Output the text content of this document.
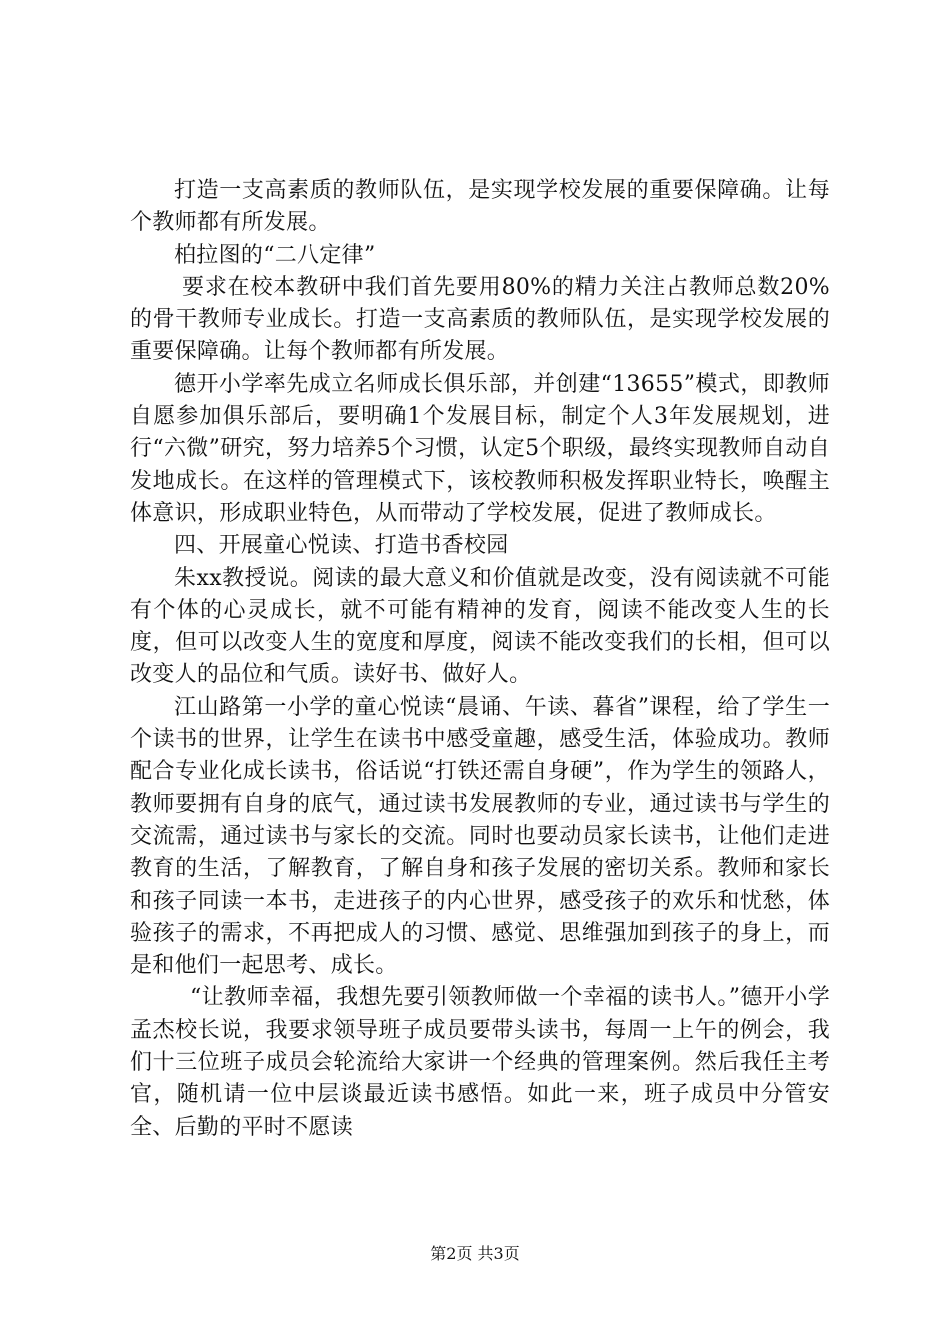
打造一支高素质的教师队伍，是实现学校发展的重要保障确。让每个教师都有所发展。

柏拉图的“二八定律”

要求在校本教研中我们首先要用80%的精力关注占教师总数20%的骨干教师专业成长。打造一支高素质的教师队伍，是实现学校发展的重要保障确。让每个教师都有所发展。

德开小学率先成立名师成长俱乐部，并创建“13655”模式，即教师自愿参加俱乐部后，要明确1个发展目标，制定个人3年发展规划，进行“六微”研究，努力培养5个习惯，认定5个职级，最终实现教师自动自发地成长。在这样的管理模式下，该校教师积极发挥职业特长，唤醒主体意识，形成职业特色，从而带动了学校发展，促进了教师成长。

四、开展童心悦读、打造书香校园

朱xx教授说。阅读的最大意义和价值就是改变，没有阅读就不可能有个体的心灵成长，就不可能有精神的发育，阅读不能改变人生的长度，但可以改变人生的宽度和厚度，阅读不能改变我们的长相，但可以改变人的品位和气质。读好书、做好人。

江山路第一小学的童心悦读“晨诵、午读、暮省”课程，给了学生一个读书的世界，让学生在读书中感受童趣，感受生活，体验成功。教师配合专业化成长读书，俗话说“打铁还需自身硬”，作为学生的领路人，教师要拥有自身的底气，通过读书发展教师的专业，通过读书与学生的交流需，通过读书与家长的交流。同时也要动员家长读书，让他们走进教育的生活，了解教育，了解自身和孩子发展的密切关系。教师和家长和孩子同读一本书，走进孩子的内心世界，感受孩子的欢乐和忧愁，体验孩子的需求，不再把成人的习惯、感觉、思维强加到孩子的身上，而是和他们一起思考、成长。

“让教师幸福，我想先要引领教师做一个幸福的读书人。”德开小学孟杰校长说，我要求领导班子成员要带头读书，每周一上午的例会，我们十三位班子成员会轮流给大家讲一个经典的管理案例。然后我任主考官，随机请一位中层谈最近读书感悟。如此一来，班子成员中分管安全、后勤的平时不愿读

第2页 共3页
